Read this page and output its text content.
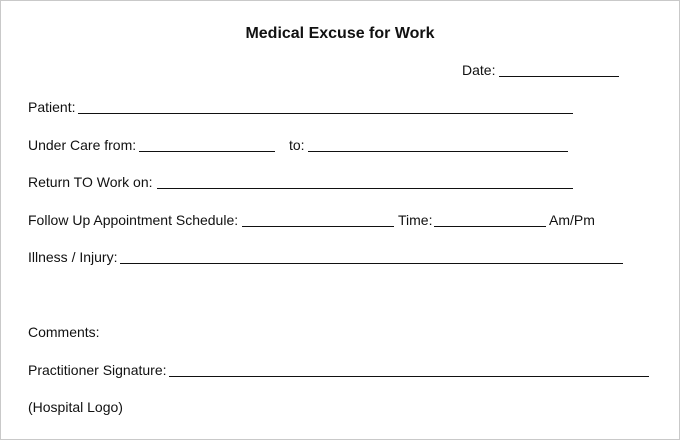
Medical Excuse for Work
Date:
Patient:
Under Care from:	to:
Return TO Work on:
Follow Up Appointment Schedule:	Time:	Am/Pm
Illness / Injury:
Comments:
Practitioner Signature:
(Hospital Logo)
